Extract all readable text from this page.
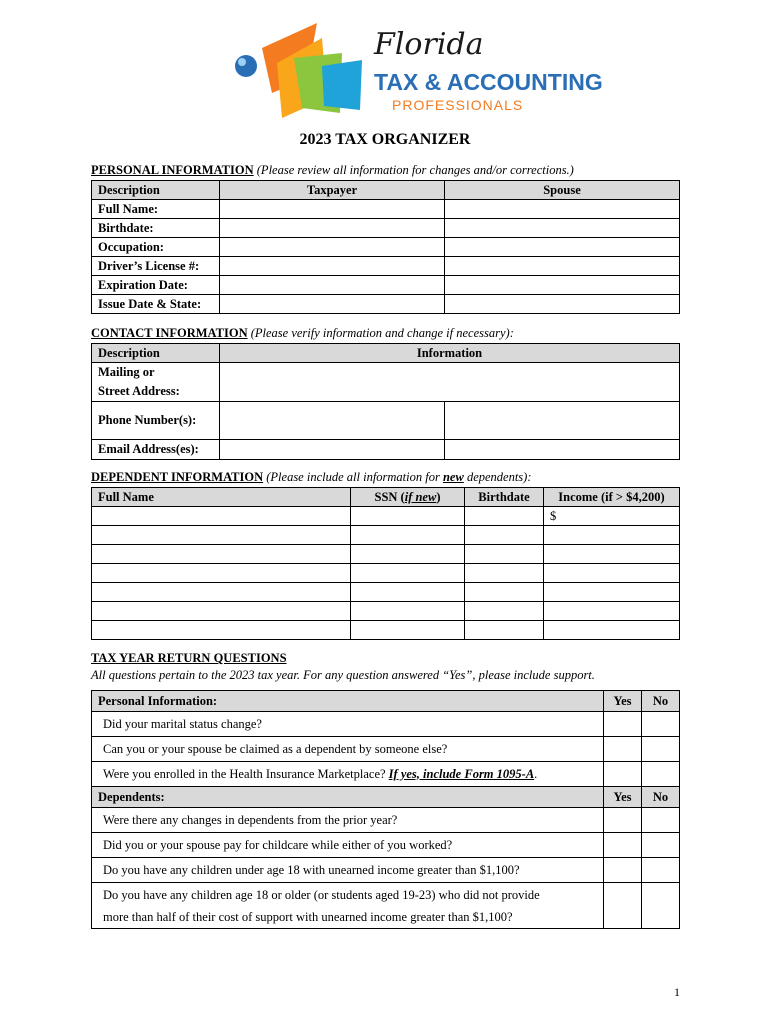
Florida
TAX & ACCOUNTING
PROFESSIONALS
2023 TAX ORGANIZER
PERSONAL INFORMATION (Please review all information for changes and/or corrections.)
Description	Taxpayer	Spouse
Full Name:		
Birthdate:		
Occupation:		
Driver’s License #:		
Expiration Date:		
Issue Date & State:		
CONTACT INFORMATION (Please verify information and change if necessary):
Description	Information	
Mailing or
Street Address:		
Phone Number(s):		
Email Address(es):		
DEPENDENT INFORMATION (Please include all information for new dependents):
Full Name	SSN (if new)	Birthdate	Income (if > $4,200)
			$

TAX YEAR RETURN QUESTIONS
All questions pertain to the 2023 tax year. For any question answered “Yes”, please include support.
Personal Information:	Yes	No
Did your marital status change?		
Can you or your spouse be claimed as a dependent by someone else?		
Were you enrolled in the Health Insurance Marketplace? If yes, include Form 1095-A.		
Dependents:	Yes	No
Were there any changes in dependents from the prior year?		
Did you or your spouse pay for childcare while either of you worked?		
Do you have any children under age 18 with unearned income greater than $1,100?		
Do you have any children age 18 or older (or students aged 19-23) who did not provide
more than half of their cost of support with unearned income greater than $1,100?		
1
